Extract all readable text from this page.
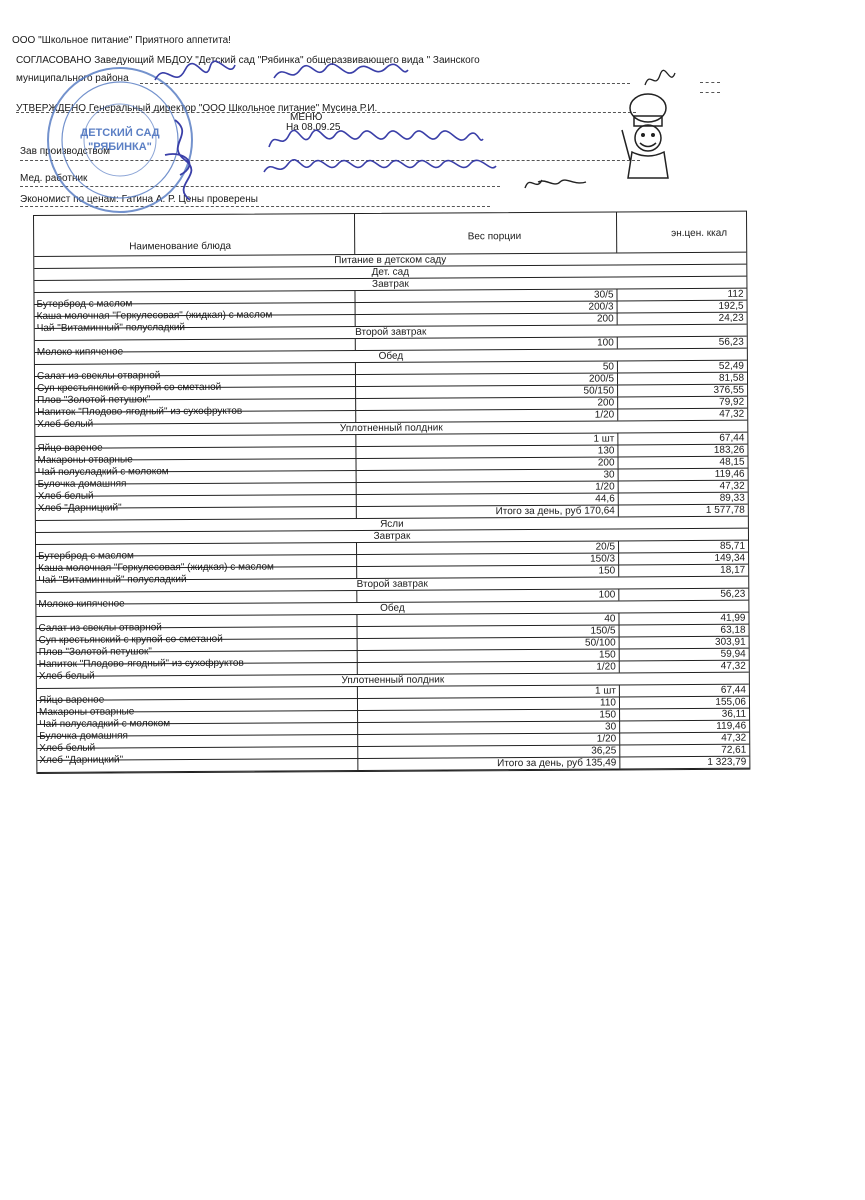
ООО "Школьное питание" Приятного аппетита!
СОГЛАСОВАНО Заведующий МБДОУ "Детский сад "Рябинка" общеразвивающего вида " Заинского
муниципального района
УТВЕРЖДЕНО Генеральный директор "ООО Школьное питание" Мусина Р.И.
МЕНЮ
На 08.09.25
Зав производством
Мед. работник
Экономист по ценам: Гатина А. Р. Цены проверены
ДЕТСКИЙ САД
"РЯБИНКА"
Наименование блюда
Вес порции	эн.цен. ккал
Питание в детском саду
Дет. сад
Завтрак
Бутерброд с маслом
30/5	112
Каша молочная "Геркулесовая" (жидкая) с маслом
200/3	192,5
Чай "Витаминный" полусладкий
200	24,23
Второй завтрак
Молоко кипяченое
100	56,23
Обед
Салат из свеклы отварной
50	52,49
Суп крестьянский с крупой со сметаной
200/5	81,58
Плов "Золотой петушок"
50/150	376,55
Напиток "Плодово-ягодный" из сухофруктов
200	79,92
Хлеб белый
1/20	47,32
Уплотненный полдник
Яйцо вареное
1 шт	67,44
Макароны отварные
130	183,26
Чай полусладкий с молоком
200	48,15
Булочка домашняя
30	119,46
Хлеб белый
1/20	47,32
Хлеб "Дарницкий"
44,6	89,33
Итого за день, руб 170,64	1 577,78
Ясли
Завтрак
Бутерброд с маслом
20/5	85,71
Каша молочная "Геркулесовая" (жидкая) с маслом
150/3	149,34
Чай "Витаминный" полусладкий
150	18,17
Второй завтрак
Молоко кипяченое
100	56,23
Обед
Салат из свеклы отварной
40	41,99
Суп крестьянский с крупой со сметаной
150/5	63,18
Плов "Золотой петушок"
50/100	303,91
Напиток "Плодово-ягодный" из сухофруктов
150	59,94
Хлеб белый
1/20	47,32
Уплотненный полдник
Яйцо вареное
1 шт	67,44
Макароны отварные
110	155,06
Чай полусладкий с молоком
150	36,11
Булочка домашняя
30	119,46
Хлеб белый
1/20	47,32
Хлеб "Дарницкий"
36,25	72,61
Итого за день, руб 135,49	1 323,79
